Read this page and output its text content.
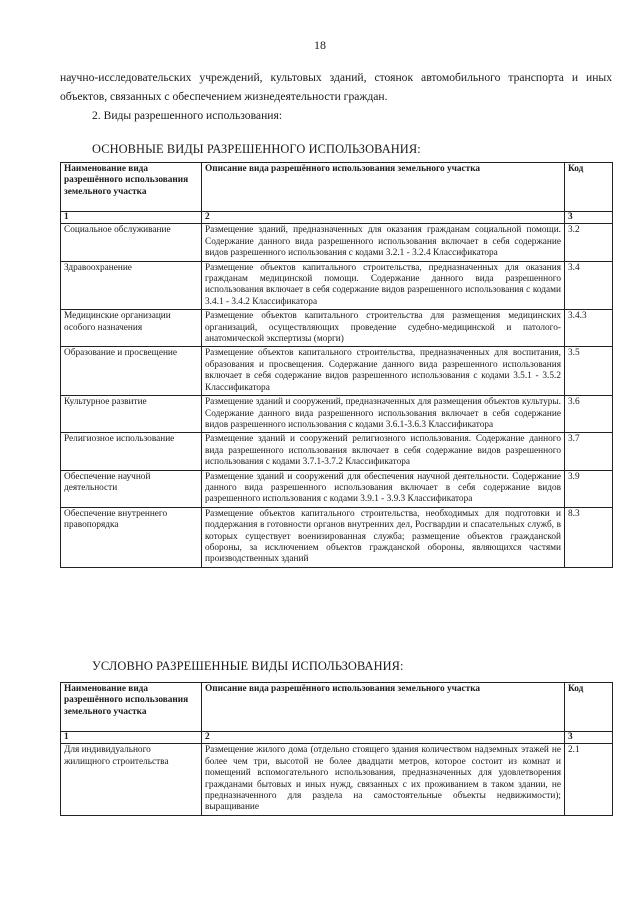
18

научно-исследовательских учреждений, культовых зданий, стоянок автомобильного транспорта и иных объектов, связанных с обеспечением жизнедеятельности граждан.

2. Виды разрешенного использования:

ОСНОВНЫЕ ВИДЫ РАЗРЕШЕННОГО ИСПОЛЬЗОВАНИЯ:
Наименование вида разрешённого использования земельного участка	Описание вида разрешённого использования земельного участка	Код
1	2	3
Социальное обслуживание	Размещение зданий, предназначенных для оказания гражданам социальной помощи. Содержание данного вида разрешенного использования включает в себя содержание видов разрешенного использования с кодами 3.2.1 - 3.2.4 Классификатора	3.2
Здравоохранение	Размещение объектов капитального строительства, предназначенных для оказания гражданам медицинской помощи. Содержание данного вида разрешенного использования включает в себя содержание видов разрешенного использования с кодами 3.4.1 - 3.4.2 Классификатора	3.4
Медицинские организации особого назначения	Размещение объектов капитального строительства для размещения медицинских организаций, осуществляющих проведение судебно-медицинской и патолого-анатомической экспертизы (морги)	3.4.3
Образование и просвещение	Размещение объектов капитального строительства, предназначенных для воспитания, образования и просвещения. Содержание данного вида разрешенного использования включает в себя содержание видов разрешенного использования с кодами 3.5.1 - 3.5.2 Классификатора	3.5
Культурное развитие	Размещение зданий и сооружений, предназначенных для размещения объектов культуры. Содержание данного вида разрешенного использования включает в себя содержание видов разрешенного использования с кодами 3.6.1-3.6.3 Классификатора	3.6
Религиозное использование	Размещение зданий и сооружений религиозного использования. Содержание данного вида разрешенного использования включает в себя содержание видов разрешенного использования с кодами 3.7.1-3.7.2 Классификатора	3.7
Обеспечение научной деятельности	Размещение зданий и сооружений для обеспечения научной деятельности. Содержание данного вида разрешенного использования включает в себя содержание видов разрешенного использования с кодами 3.9.1 - 3.9.3 Классификатора	3.9
Обеспечение внутреннего правопорядка	Размещение объектов капитального строительства, необходимых для подготовки и поддержания в готовности органов внутренних дел, Росгвардии и спасательных служб, в которых существует военизированная служба; размещение объектов гражданской обороны, за исключением объектов гражданской обороны, являющихся частями производственных зданий	8.3
УСЛОВНО РАЗРЕШЕННЫЕ ВИДЫ ИСПОЛЬЗОВАНИЯ:
Наименование вида разрешённого использования земельного участка	Описание вида разрешённого использования земельного участка	Код
1	2	3
Для индивидуального жилищного строительства	Размещение жилого дома (отдельно стоящего здания количеством надземных этажей не более чем три, высотой не более двадцати метров, которое состоит из комнат и помещений вспомогательного использования, предназначенных для удовлетворения гражданами бытовых и иных нужд, связанных с их проживанием в таком здании, не предназначенного для раздела на самостоятельные объекты недвижимости); выращивание	2.1
